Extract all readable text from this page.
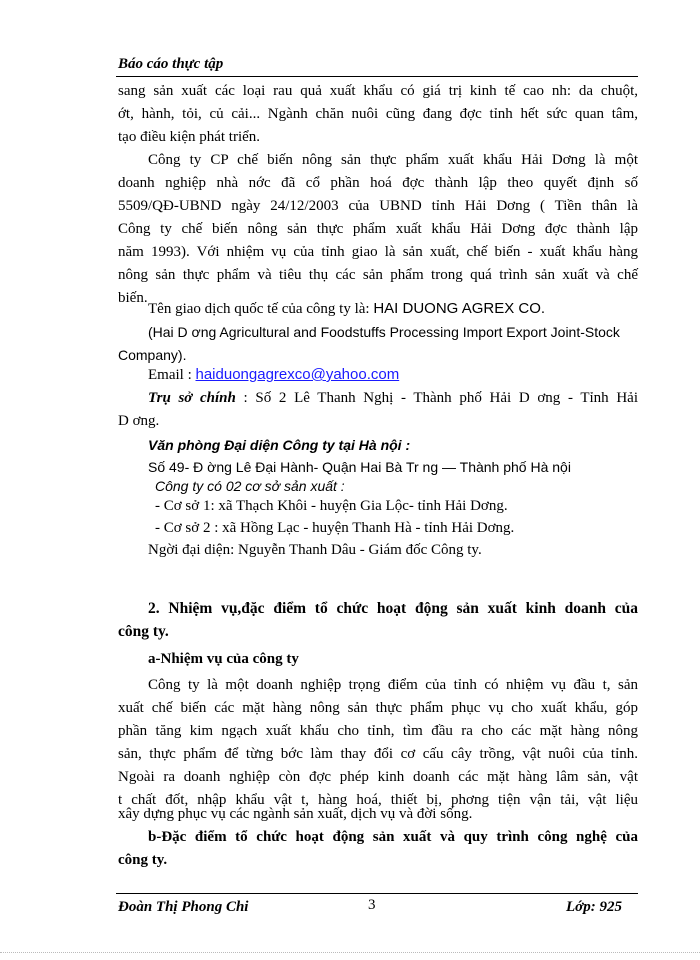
Báo cáo thực tập
sang sản xuất các loại rau quả xuất khẩu có giá trị kinh tế cao nh: da chuột,
ớt, hành, tỏi, củ cải... Ngành chăn nuôi cũng đang đợc tỉnh hết sức quan tâm,
tạo điều kiện phát triển.
Công ty CP chế biến nông sản thực phẩm xuất khẩu Hải Dơng là một
doanh nghiệp nhà nớc đã cổ phần hoá đợc thành lập theo quyết định số
5509/QĐ-UBND ngày 24/12/2003 của UBND tỉnh Hải Dơng ( Tiền thân là
Công ty chế biến nông sản thực phẩm xuất khẩu Hải Dơng đợc thành lập
năm 1993). Với nhiệm vụ của tỉnh giao là sản xuất, chế biến - xuất khẩu hàng
nông sản thực phẩm và tiêu thụ các sản phẩm trong quá trình sản xuất và chế
biến.
Tên giao dịch quốc tế của công ty là: HAI DUONG AGREX CO.
(Hai D ơng Agricultural and Foodstuffs Processing Import Export Joint-Stock
Company).
Email : haiduongagrexco@yahoo.com
Trụ sở chính : Số 2 Lê Thanh Nghị - Thành phố Hải D ơng - Tỉnh Hải
D ơng.
Văn phòng Đại diện Công ty tại Hà nội :
Số 49- Đ ờng Lê Đại Hành- Quận Hai Bà Tr ng — Thành phố Hà nội
Công ty có 02 cơ sở sản xuất :
- Cơ sở 1: xã Thạch Khôi - huyện Gia Lộc- tỉnh Hải Dơng.
- Cơ sở 2 : xã Hồng Lạc - huyện Thanh Hà - tỉnh Hải Dơng.
Ngời đại diện: Nguyễn Thanh Dâu - Giám đốc Công ty.
2. Nhiệm vụ,đặc điểm tổ chức hoạt động sản xuất kinh doanh của
công ty.
a-Nhiệm vụ của công ty
Công ty là một doanh nghiệp trọng điểm của tỉnh có nhiệm vụ đầu t, sản
xuất chế biến các mặt hàng nông sản thực phẩm phục vụ cho xuất khẩu, góp
phần tăng kim ngạch xuất khẩu cho tỉnh, tìm đầu ra cho các mặt hàng nông
sản, thực phẩm để từng bớc làm thay đổi cơ cấu cây trồng, vật nuôi của tỉnh.
Ngoài ra doanh nghiệp còn đợc phép kinh doanh các mặt hàng lâm sản, vật
t chất đốt, nhập khẩu vật t, hàng hoá, thiết bị, phơng tiện vận tải, vật liệu
xây dựng phục vụ các ngành sản xuất, dịch vụ và đời sống.
b-Đặc điểm tổ chức hoạt động sản xuất và quy trình công nghệ của
công ty.
Đoàn Thị Phong Chi	3	Lớp: 925
